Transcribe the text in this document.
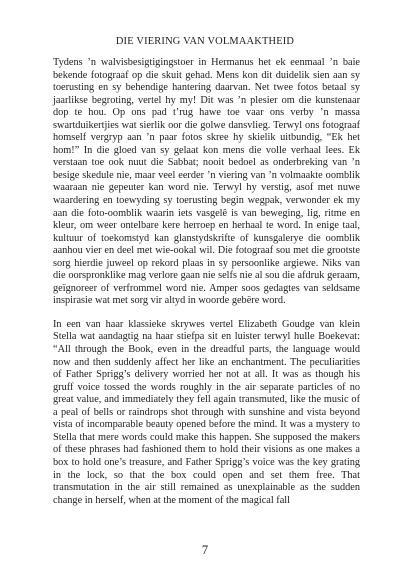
DIE VIERING VAN VOLMAAKTHEID

Tydens ’n walvisbesigtigingstoer in Hermanus het ek eenmaal ’n baie bekende fotograaf op die skuit gehad. Mens kon dit duidelik sien aan sy toerusting en sy behendige hantering daarvan. Net twee fotos betaal sy jaarlikse begroting, vertel hy my! Dit was ’n plesier om die kunstenaar dop te hou. Op ons pad t’rug hawe toe vaar ons verby ’n massa swartduikertjies wat sierlik oor die golwe dansvlieg. Terwyl ons fotograaf homself vergryp aan ’n paar fotos skree hy skielik uitbundig, “Ek het hom!” In die gloed van sy gelaat kon mens die volle verhaal lees. Ek verstaan toe ook nuut die Sabbat; nooit bedoel as onderbreking van ’n besige skedule nie, maar veel eerder ’n viering van ’n volmaakte oomblik waaraan nie gepeuter kan word nie. Terwyl hy verstig, asof met nuwe waardering en toewyding sy toerusting begin wegpak, verwonder ek my aan die foto-oomblik waarin iets vasgelê is van beweging, lig, ritme en kleur, om weer ontelbare kere herroep en herhaal te word. In enige taal, kultuur of toekomstyd kan glanstydskrifte of kunsgalerye die oomblik aanhou vier en deel met wie-ookal wil. Die fotograaf sou met die grootste sorg hierdie juweel op rekord plaas in sy persoonlike argiewe. Niks van die oorspronklike mag verlore gaan nie selfs nie al sou die afdruk geraam, geïgnoreer of verfrommel word nie. Amper soos gedagtes van seldsame inspirasie wat met sorg vir altyd in woorde gebëre word.

In een van haar klassieke skrywes vertel Elizabeth Goudge van klein Stella wat aandagtig na haar stiefpa sit en luister terwyl hulle Boekevat: “All through the Book, even in the dreadful parts, the language would now and then suddenly affect her like an enchantment. The peculiarities of Father Sprigg’s delivery worried her not at all. It was as though his gruff voice tossed the words roughly in the air separate particles of no great value, and immediately they fell again transmuted, like the music of a peal of bells or raindrops shot through with sunshine and vista beyond vista of incomparable beauty opened before the mind. It was a mystery to Stella that mere words could make this happen. She supposed the makers of these phrases had fashioned them to hold their visions as one makes a box to hold one’s treasure, and Father Sprigg’s voice was the key grating in the lock, so that the box could open and set them free. That transmutation in the air still remained as unexplainable as the sudden change in herself, when at the moment of the magical fall

7
